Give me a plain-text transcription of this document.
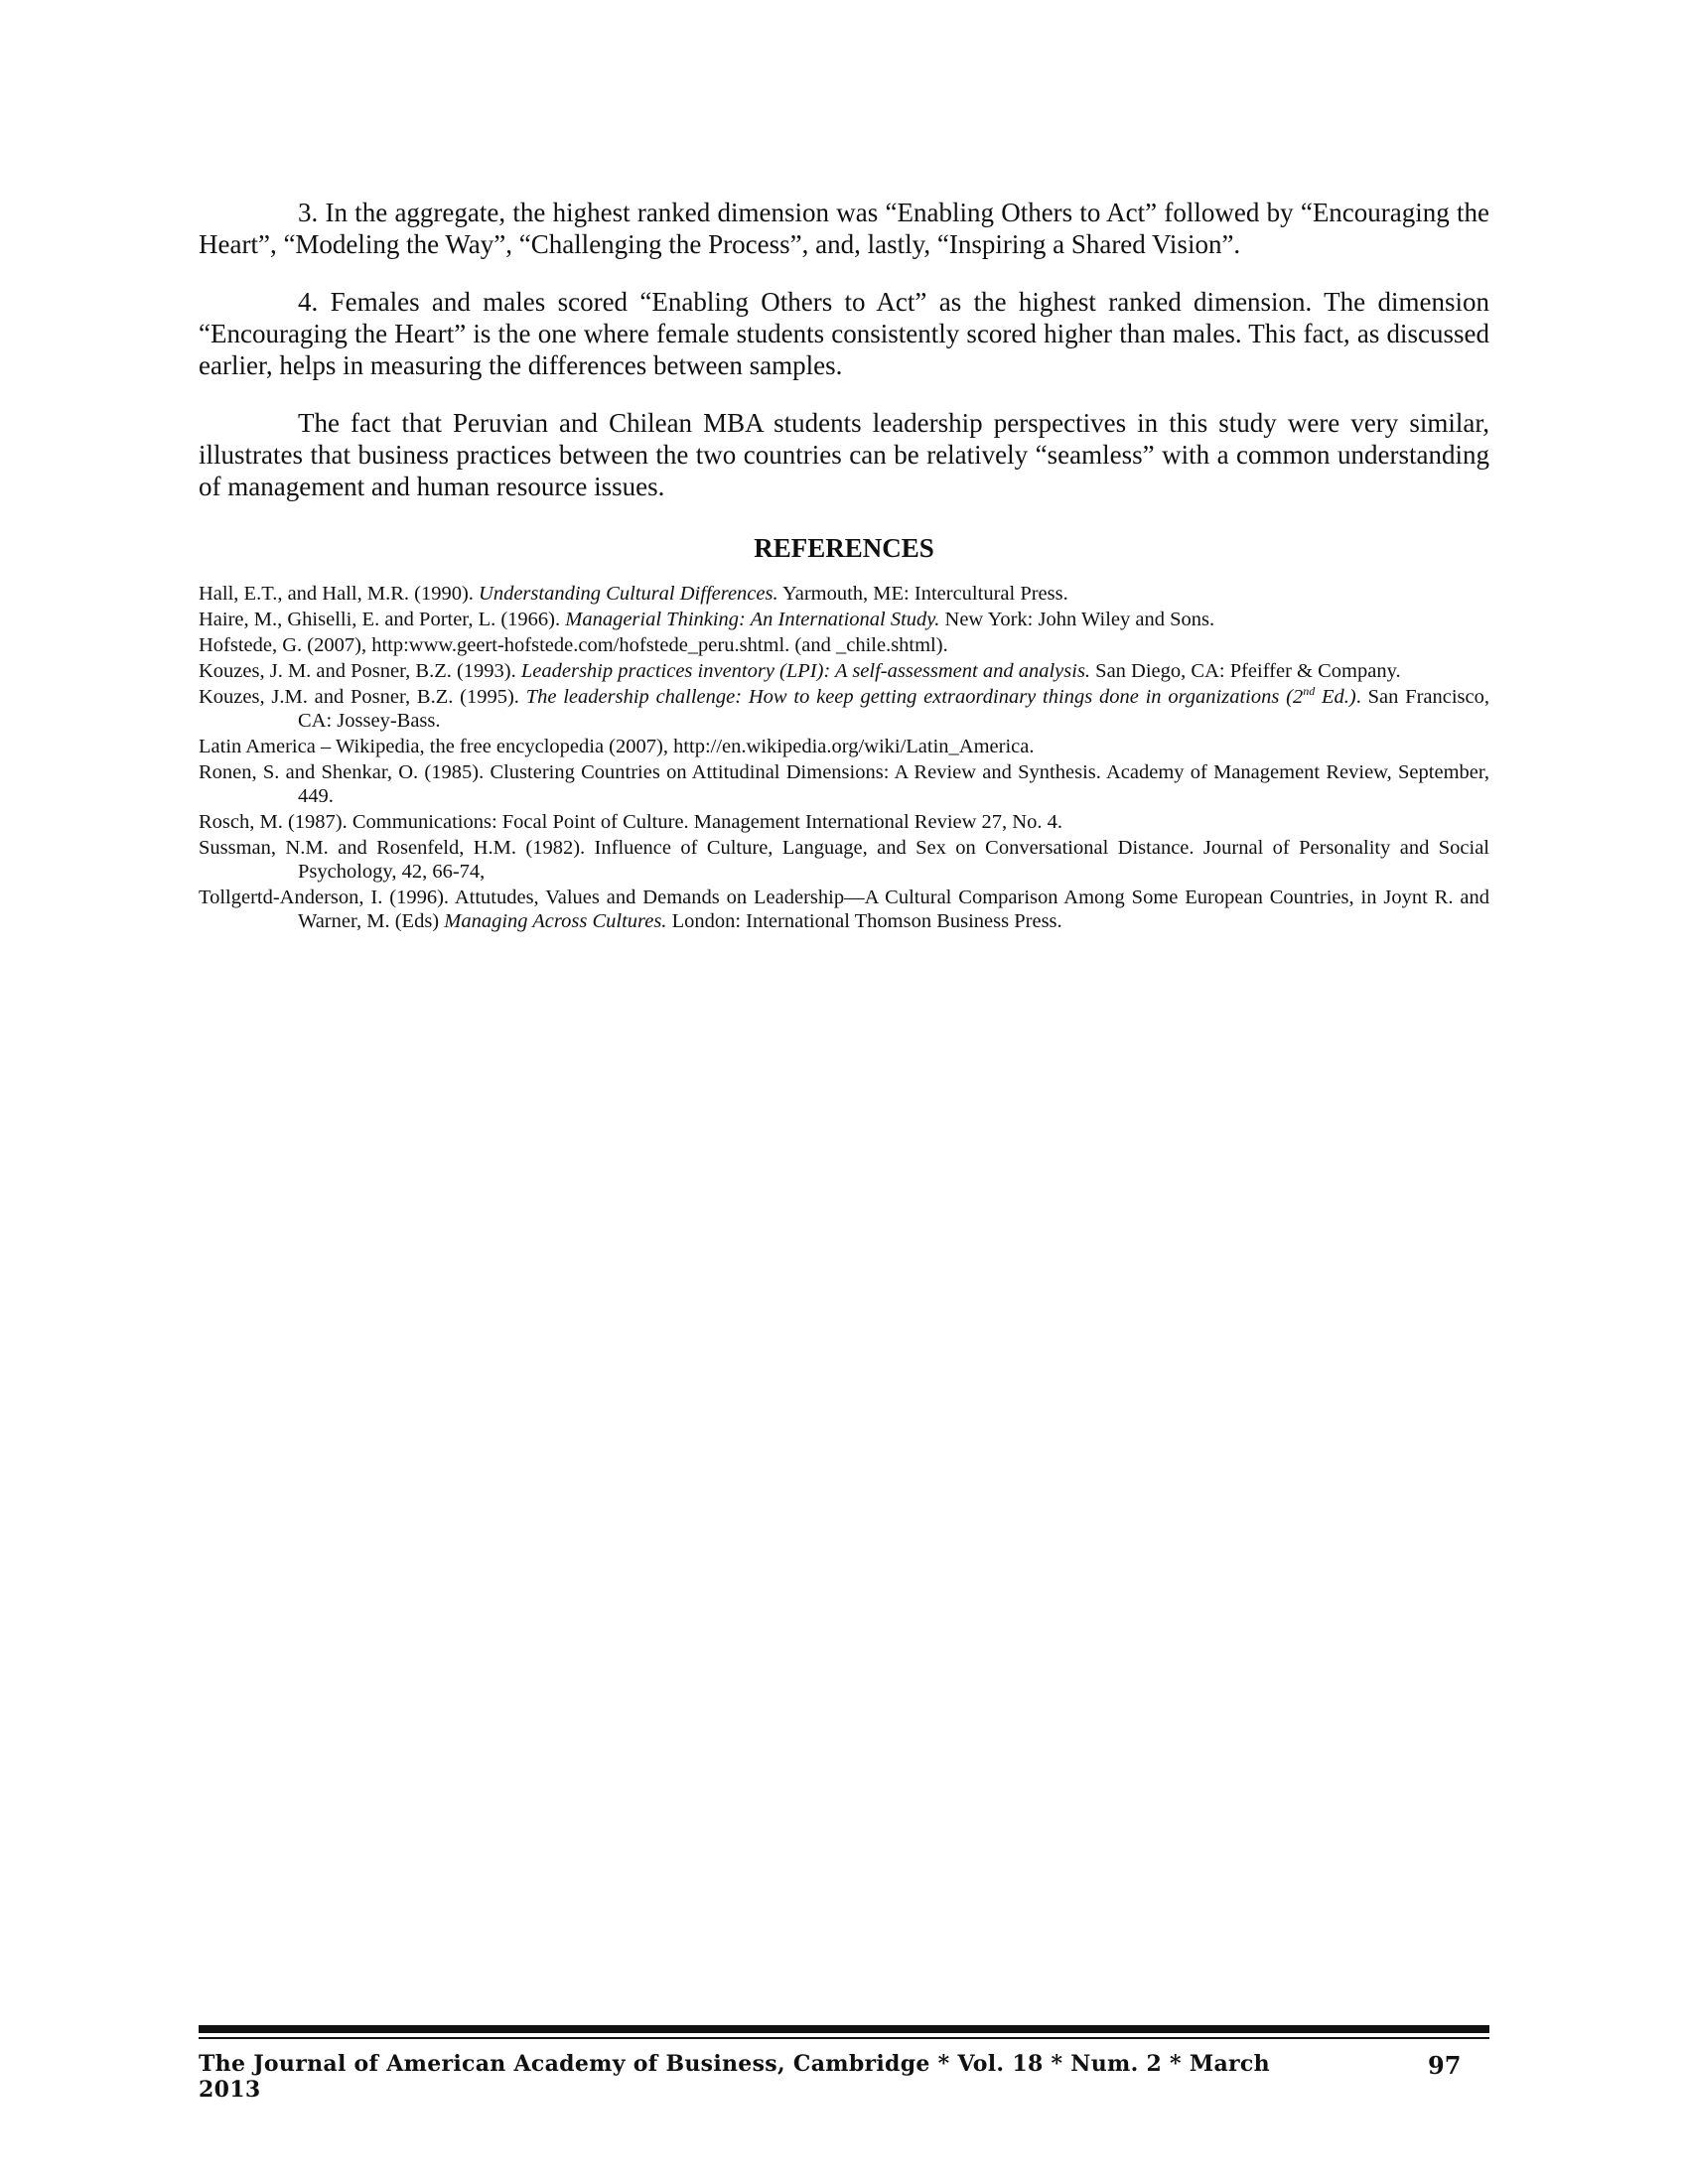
3. In the aggregate, the highest ranked dimension was “Enabling Others to Act” followed by “Encouraging the Heart”, “Modeling the Way”, “Challenging the Process”, and, lastly, “Inspiring a Shared Vision”.

4. Females and males scored “Enabling Others to Act” as the highest ranked dimension. The dimension “Encouraging the Heart” is the one where female students consistently scored higher than males. This fact, as discussed earlier, helps in measuring the differences between samples.

The fact that Peruvian and Chilean MBA students leadership perspectives in this study were very similar, illustrates that business practices between the two countries can be relatively “seamless” with a common understanding of management and human resource issues.

REFERENCES

Hall, E.T., and Hall, M.R. (1990). Understanding Cultural Differences. Yarmouth, ME: Intercultural Press.

Haire, M., Ghiselli, E. and Porter, L. (1966). Managerial Thinking: An International Study. New York: John Wiley and Sons.

Hofstede, G. (2007), http:www.geert-hofstede.com/hofstede_peru.shtml. (and _chile.shtml).

Kouzes, J. M. and Posner, B.Z. (1993). Leadership practices inventory (LPI): A self-assessment and analysis. San Diego, CA: Pfeiffer & Company.

Kouzes, J.M. and Posner, B.Z. (1995). The leadership challenge: How to keep getting extraordinary things done in organizations (2nd Ed.). San Francisco, CA: Jossey-Bass.

Latin America – Wikipedia, the free encyclopedia (2007), http://en.wikipedia.org/wiki/Latin_America.

Ronen, S. and Shenkar, O. (1985). Clustering Countries on Attitudinal Dimensions: A Review and Synthesis. Academy of Management Review, September, 449.

Rosch, M. (1987). Communications: Focal Point of Culture. Management International Review 27, No. 4.

Sussman, N.M. and Rosenfeld, H.M. (1982). Influence of Culture, Language, and Sex on Conversational Distance. Journal of Personality and Social Psychology, 42, 66-74,

Tollgertd-Anderson, I. (1996). Attutudes, Values and Demands on Leadership—A Cultural Comparison Among Some European Countries, in Joynt R. and Warner, M. (Eds) Managing Across Cultures. London: International Thomson Business Press.

The Journal of American Academy of Business, Cambridge * Vol. 18 * Num. 2 * March 2013
97
